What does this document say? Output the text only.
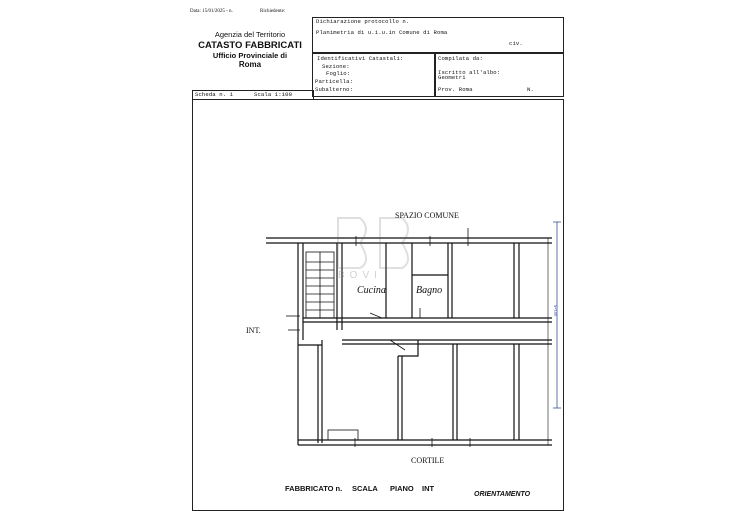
Data: 15/01/2025 - n.	Richiedente:
Agenzia del Territorio
CATASTO FABBRICATI
Ufficio Provinciale di
Roma
Dichiarazione protocollo n.
Planimetria di u.i.u.in Comune di Roma
civ.
Identificativi Catastali:
Sezione:
Foglio:
Particella:
Subalterno:
Compilata da:
Iscritto all'albo:
Geometri
Prov. Roma	N.
Scheda n. 1	Scala 1:100
SPAZIO COMUNE
INT.
Cucina	Bagno
CORTILE
h=3.00
BOVI
FABBRICATO n. SCALA PIANO INT
ORIENTAMENTO
